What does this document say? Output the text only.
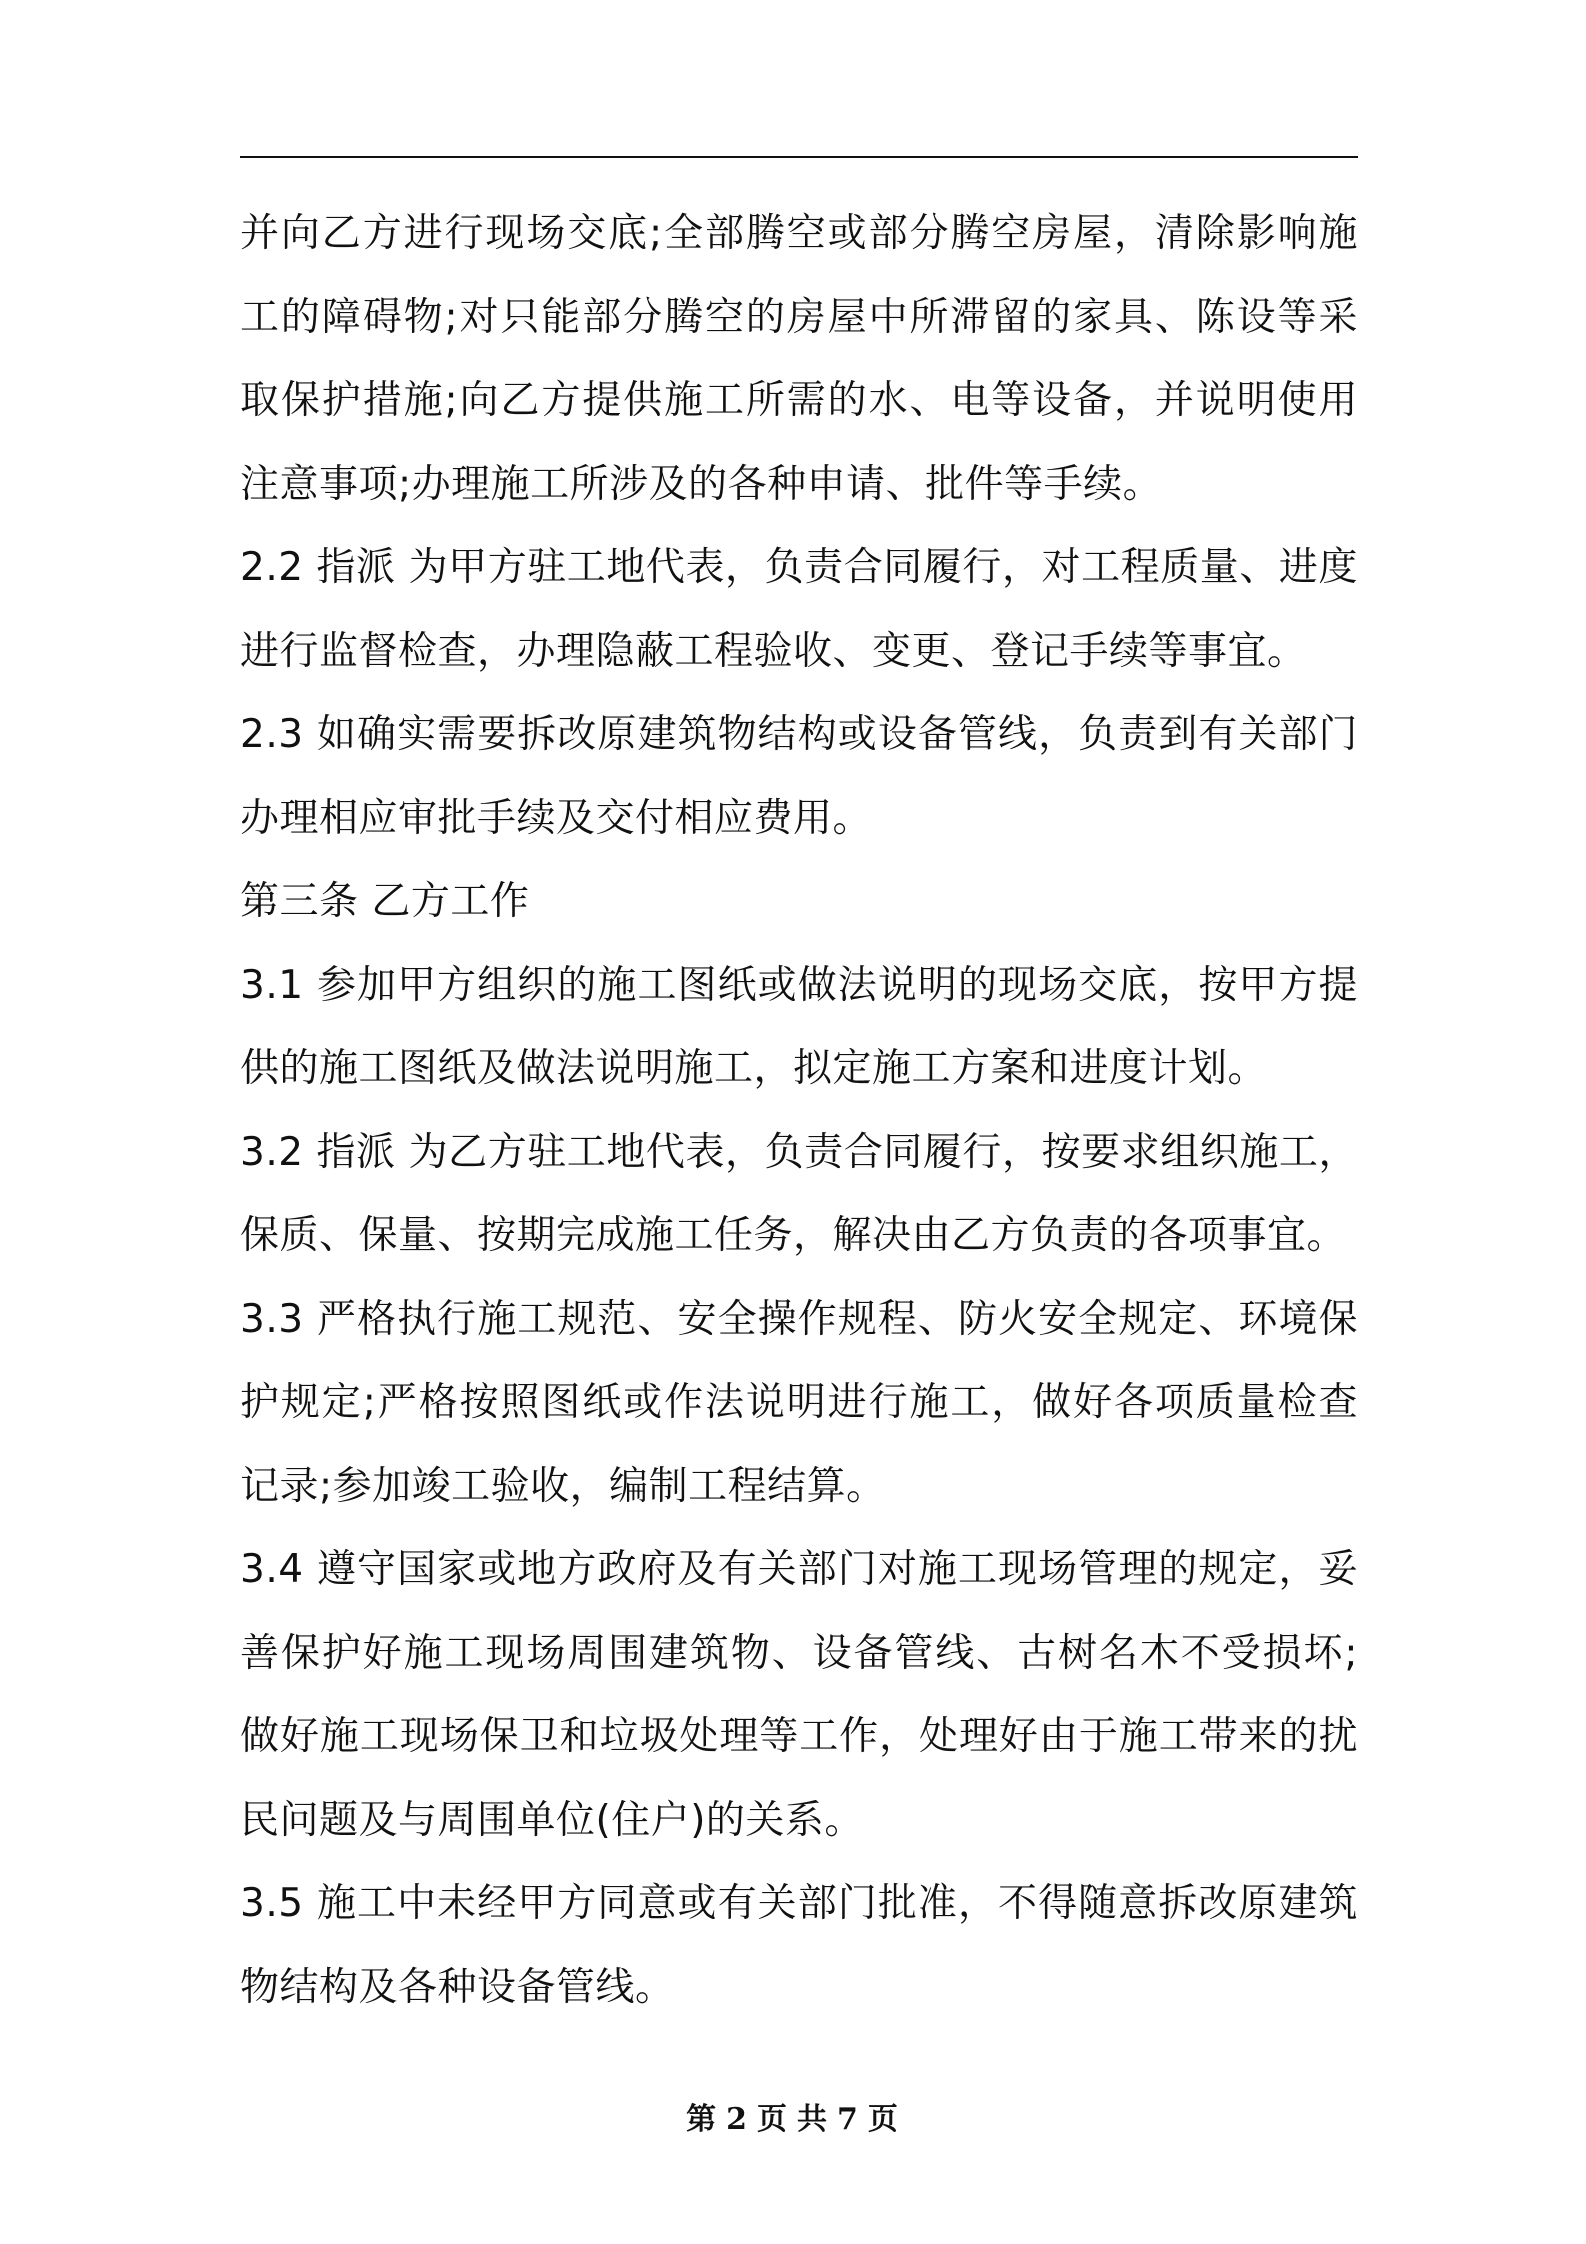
并向乙方进行现场交底;全部腾空或部分腾空房屋，清除影响施工的障碍物;对只能部分腾空的房屋中所滞留的家具、陈设等采取保护措施;向乙方提供施工所需的水、电等设备，并说明使用注意事项;办理施工所涉及的各种申请、批件等手续。

2.2 指派 为甲方驻工地代表，负责合同履行，对工程质量、进度进行监督检查，办理隐蔽工程验收、变更、登记手续等事宜。

2.3 如确实需要拆改原建筑物结构或设备管线，负责到有关部门办理相应审批手续及交付相应费用。

第三条 乙方工作

3.1 参加甲方组织的施工图纸或做法说明的现场交底，按甲方提供的施工图纸及做法说明施工，拟定施工方案和进度计划。

3.2 指派 为乙方驻工地代表，负责合同履行，按要求组织施工，保质、保量、按期完成施工任务，解决由乙方负责的各项事宜。

3.3 严格执行施工规范、安全操作规程、防火安全规定、环境保护规定;严格按照图纸或作法说明进行施工，做好各项质量检查记录;参加竣工验收，编制工程结算。

3.4 遵守国家或地方政府及有关部门对施工现场管理的规定，妥善保护好施工现场周围建筑物、设备管线、古树名木不受损坏;做好施工现场保卫和垃圾处理等工作，处理好由于施工带来的扰民问题及与周围单位(住户)的关系。

3.5 施工中未经甲方同意或有关部门批准，不得随意拆改原建筑物结构及各种设备管线。

第 2 页 共 7 页
